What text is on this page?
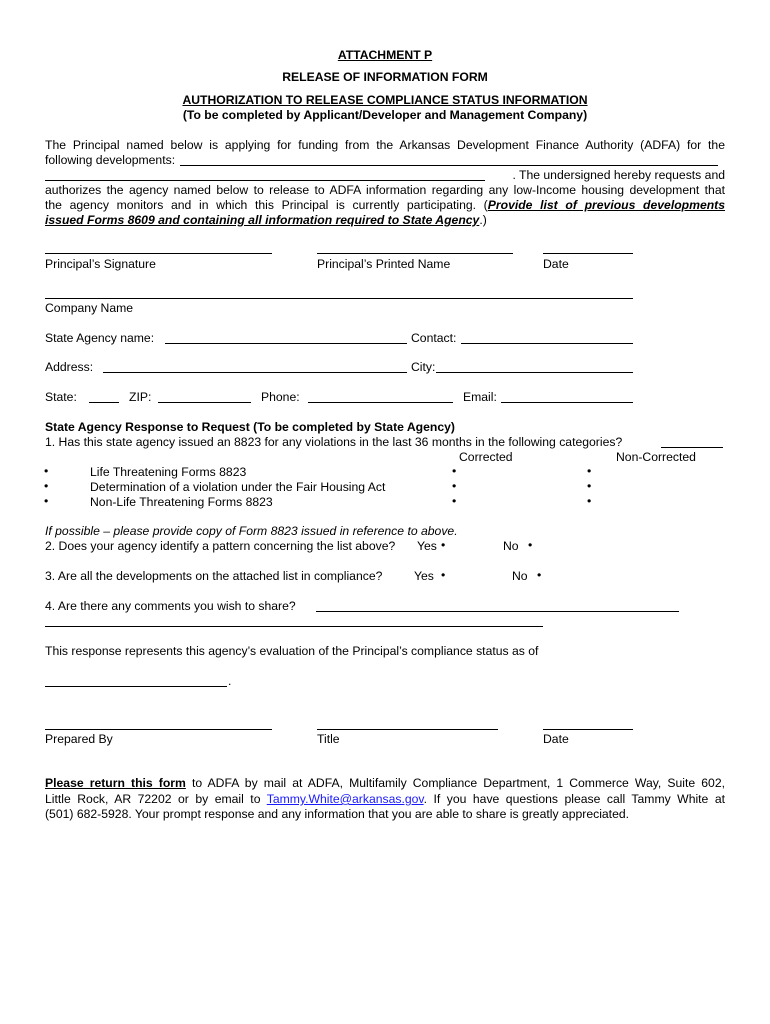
ATTACHMENT P
RELEASE OF INFORMATION FORM
AUTHORIZATION TO RELEASE COMPLIANCE STATUS INFORMATION
(To be completed by Applicant/Developer and Management Company)
The Principal named below is applying for funding from the Arkansas Development Finance Authority (ADFA) for the
following developments:
. The undersigned hereby requests and
authorizes the agency named below to release to ADFA information regarding any low-Income housing development that
the agency monitors and in which this Principal is currently participating. (Provide list of previous developments
issued Forms 8609 and containing all information required to State Agency.)
Principal’s Signature	Principal’s Printed Name	Date
Company Name
State Agency name:	Contact:
Address:	City:
State:	ZIP:	Phone:	Email:
State Agency Response to Request (To be completed by State Agency)
1. Has this state agency issued an 8823 for any violations in the last 36 months in the following categories?
Corrected	Non-Corrected
•	Life Threatening Forms 8823	•	•
•	Determination of a violation under the Fair Housing Act	•	•
•	Non-Life Threatening Forms 8823	•	•
If possible – please provide copy of Form 8823 issued in reference to above.
2. Does your agency identify a pattern concerning the list above? Yes •	No •
3. Are all the developments on the attached list in compliance?	Yes •	No •
4. Are there any comments you wish to share?
This response represents this agency’s evaluation of the Principal’s compliance status as of
.
Prepared By	Title	Date
Please return this form to ADFA by mail at ADFA, Multifamily Compliance Department, 1 Commerce Way, Suite 602,
Little Rock, AR 72202 or by email to Tammy.White@arkansas.gov. If you have questions please call Tammy White at
(501) 682-5928. Your prompt response and any information that you are able to share is greatly appreciated.
